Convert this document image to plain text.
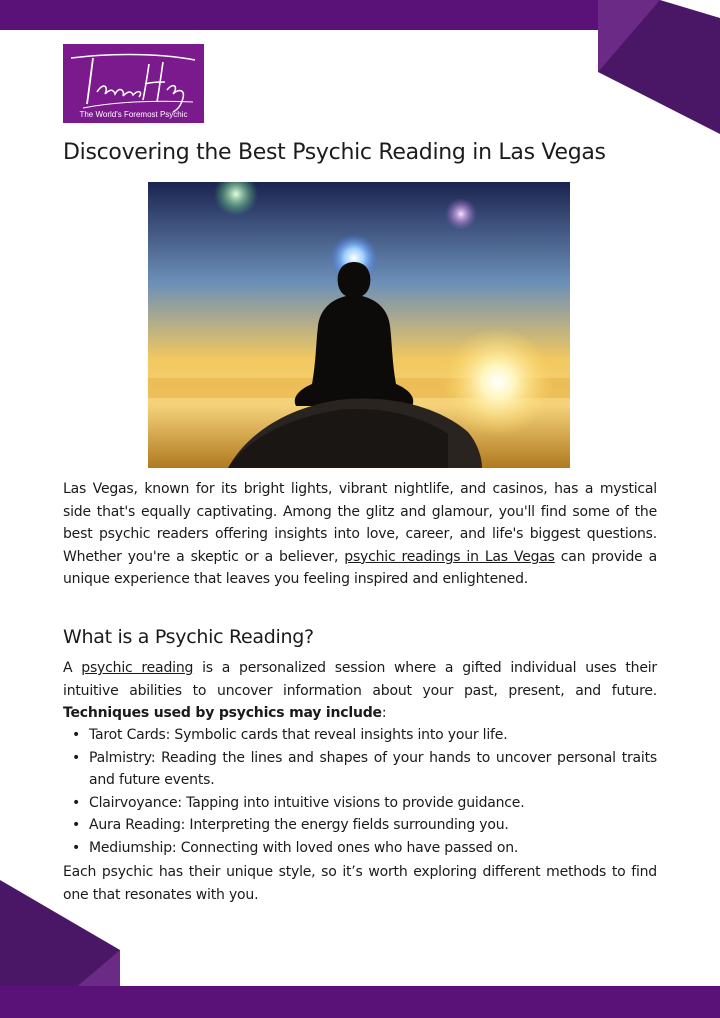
The World's Foremost Psychic
Discovering the Best Psychic Reading in Las Vegas

Las Vegas, known for its bright lights, vibrant nightlife, and casinos, has a mystical side that's equally captivating. Among the glitz and glamour, you'll find some of the best psychic readers offering insights into love, career, and life's biggest questions. Whether you're a skeptic or a believer, psychic readings in Las Vegas can provide a unique experience that leaves you feeling inspired and enlightened.

What is a Psychic Reading?

A psychic reading is a personalized session where a gifted individual uses their intuitive abilities to uncover information about your past, present, and future. Techniques used by psychics may include:

• Tarot Cards: Symbolic cards that reveal insights into your life.
• Palmistry: Reading the lines and shapes of your hands to uncover personal traits and future events.
• Clairvoyance: Tapping into intuitive visions to provide guidance.
• Aura Reading: Interpreting the energy fields surrounding you.
• Mediumship: Connecting with loved ones who have passed on.

Each psychic has their unique style, so it’s worth exploring different methods to find one that resonates with you.
